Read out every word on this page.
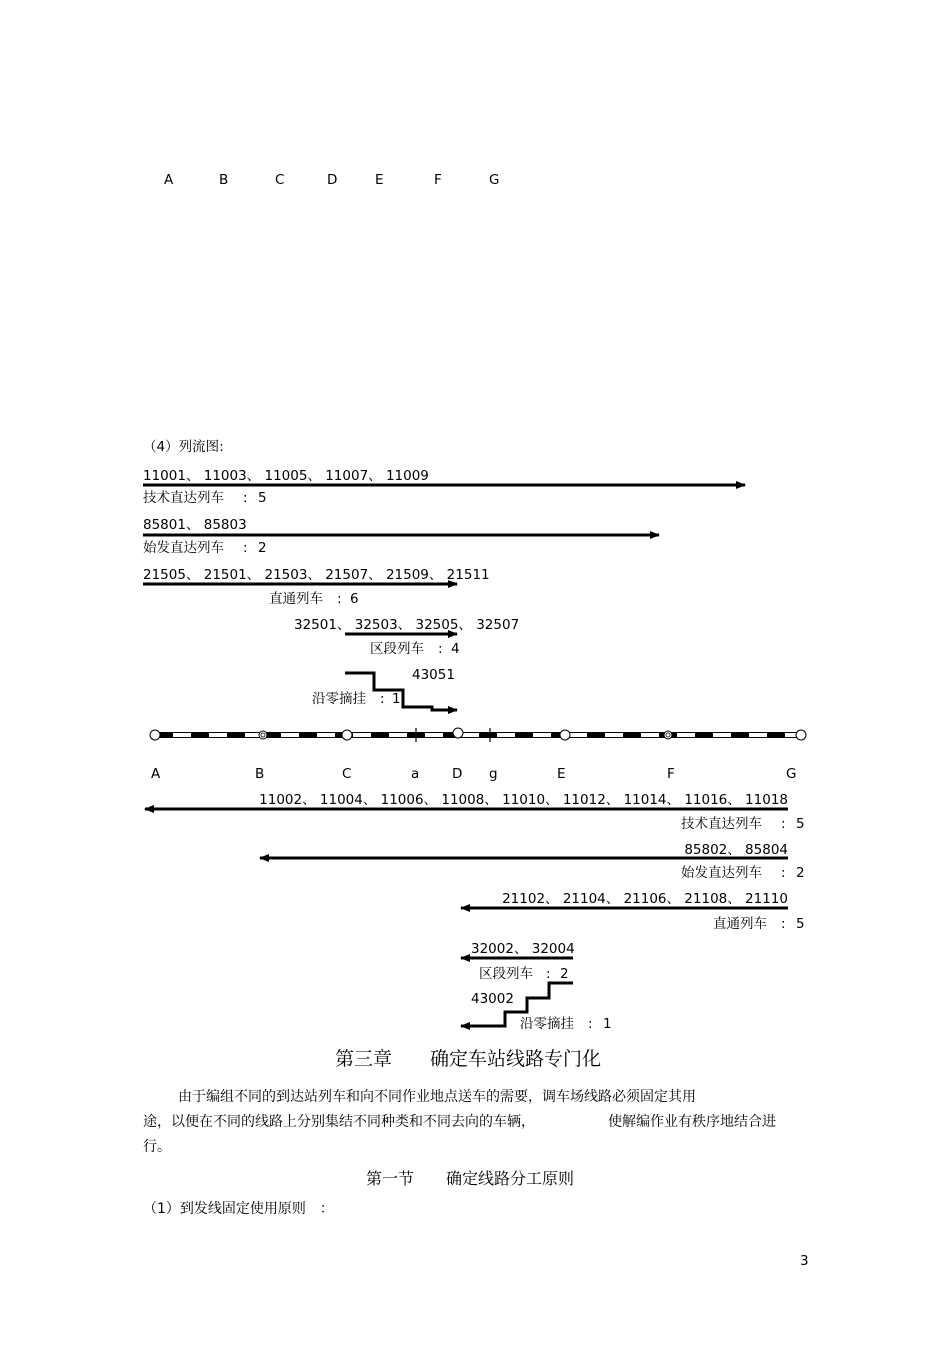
A	B	C	D	E	F	G
（4）列流图:
11001、 11003、 11005、 11007、 11009
技术直达列车 : 5
85801、 85803
始发直达列车 : 2
21505、 21501、 21503、 21507、 21509、 21511
直通列车 : 6
32501、 32503、 32505、 32507
区段列车 : 4
43051
沿零摘挂 : 1
A	B	C	a D g	E	F	G
11002、 11004、 11006、 11008、 11010、 11012、 11014、 11016、 11018
技术直达列车 : 5
85802、 85804
始发直达列车 : 2
21102、 21104、 21106、 21108、 21110
直通列车 : 5
32002、 32004
区段列车 : 2
43002
沿零摘挂 : 1
第三章　　确定车站线路专门化
由于编组不同的到达站列车和向不同作业地点送车的需要，调车场线路必须固定其用
途，以便在不同的线路上分别集结不同种类和不同去向的车辆，	使解编作业有秩序地结合进
行。
第一节　　确定线路分工原则
（1）到发线固定使用原则　：
3
